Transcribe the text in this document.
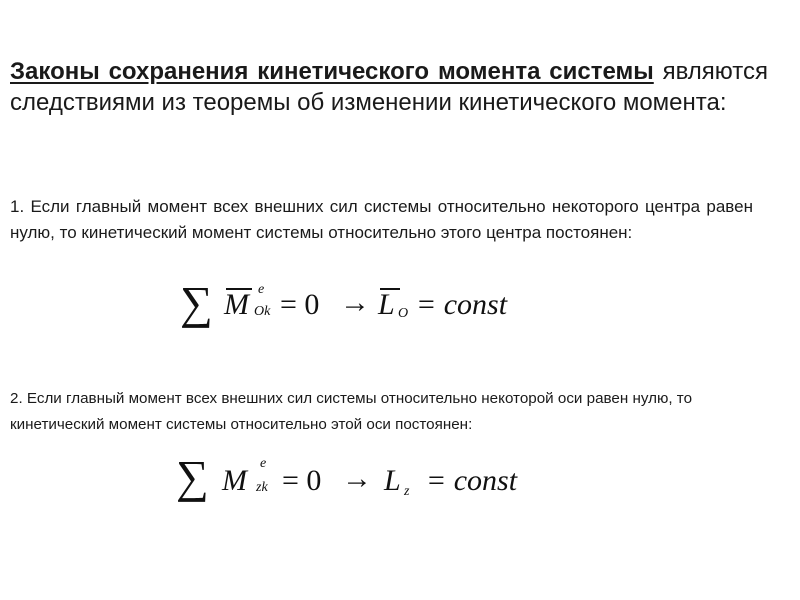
Законы сохранения кинетического момента системы являются следствиями из теоремы об изменении кинетического момента:

1. Если главный момент всех внешних сил системы относительно некоторого центра равен нулю, то кинетический момент системы относительно этого центра постоянен:

∑ M e
Ok = 0 → L O = const

2. Если главный момент всех внешних сил системы относительно некоторой оси равен нулю, то кинетический момент системы относительно этой оси постоянен:

∑ M
e
zk = 0 → L z = const
